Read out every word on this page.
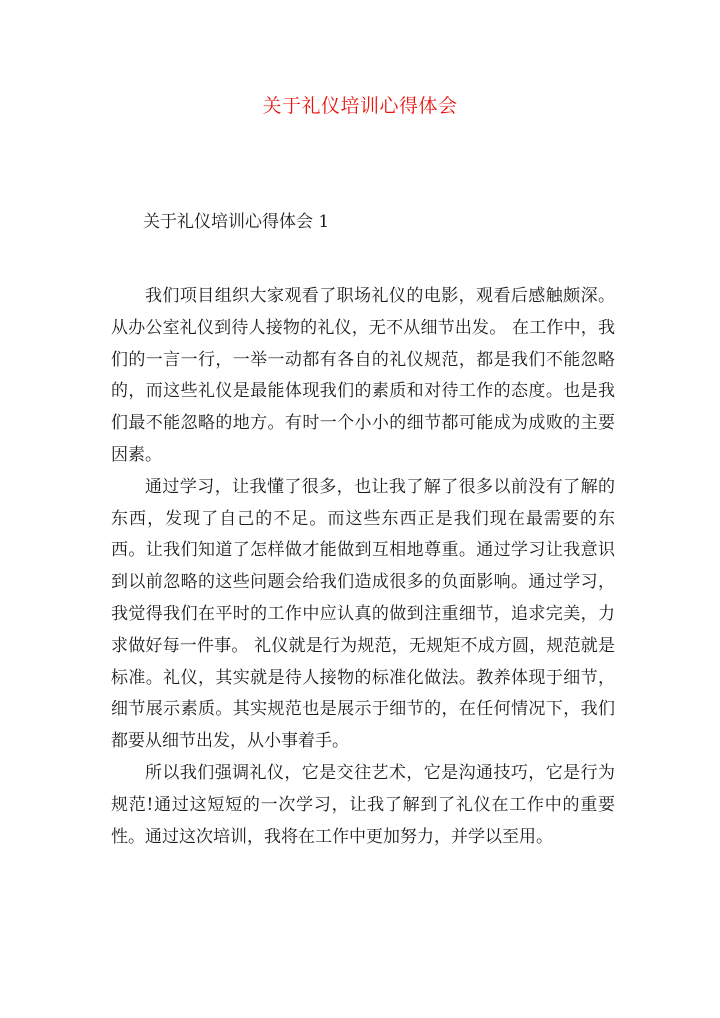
关于礼仪培训心得体会
关于礼仪培训心得体会 1

我们项目组织大家观看了职场礼仪的电影，观看后感触颇深。从办公室礼仪到待人接物的礼仪，无不从细节出发。 在工作中，我们的一言一行，一举一动都有各自的礼仪规范，都是我们不能忽略的，而这些礼仪是最能体现我们的素质和对待工作的态度。也是我们最不能忽略的地方。有时一个小小的细节都可能成为成败的主要因素。

通过学习，让我懂了很多，也让我了解了很多以前没有了解的东西，发现了自己的不足。而这些东西正是我们现在最需要的东西。让我们知道了怎样做才能做到互相地尊重。通过学习让我意识到以前忽略的这些问题会给我们造成很多的负面影响。通过学习，我觉得我们在平时的工作中应认真的做到注重细节，追求完美，力求做好每一件事。 礼仪就是行为规范，无规矩不成方圆，规范就是标准。礼仪，其实就是待人接物的标准化做法。教养体现于细节，细节展示素质。其实规范也是展示于细节的，在任何情况下，我们都要从细节出发，从小事着手。

所以我们强调礼仪，它是交往艺术，它是沟通技巧，它是行为规范!通过这短短的一次学习，让我了解到了礼仪在工作中的重要性。通过这次培训，我将在工作中更加努力，并学以至用。
